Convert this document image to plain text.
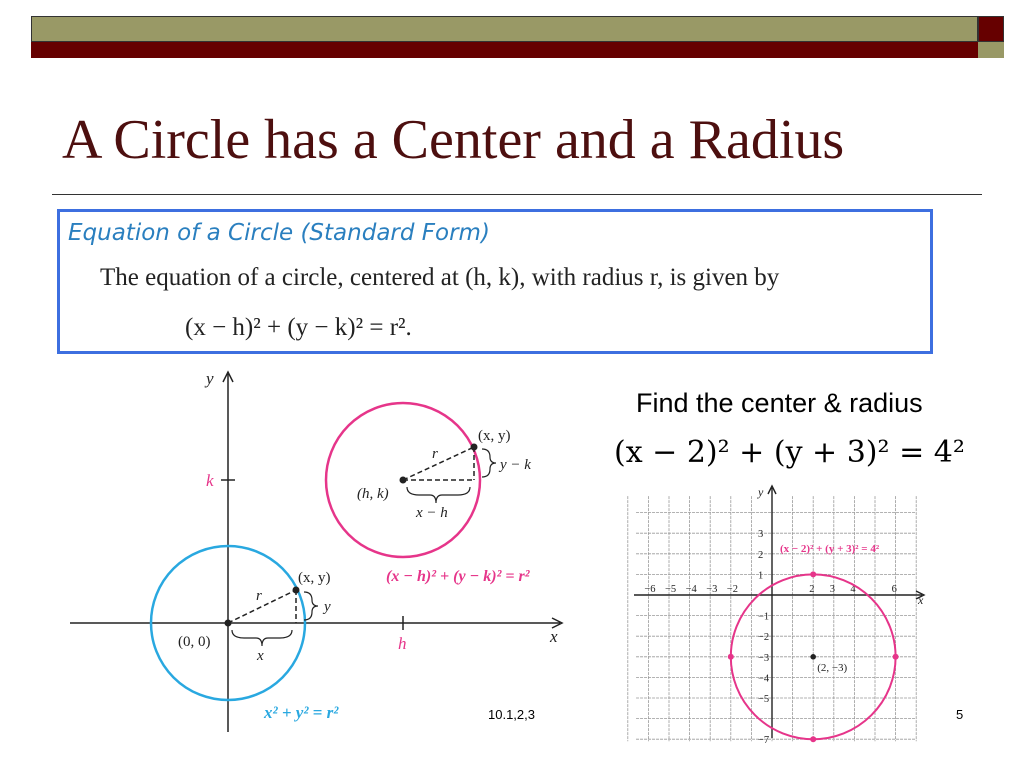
A Circle has a Center and a Radius
Equation of a Circle (Standard Form)
The equation of a circle, centered at (h, k), with radius r, is given by
(x − h)² + (y − k)² = r².
x
y
k
h
(0, 0)
(x, y)
r
x
y
x² + y² = r²
(x, y)
r
(h, k)
x − h
y − k
(x − h)² + (y − k)² = r²
Find the center & radius
(x − 2)² + (y + 3)² = 4²
x
y
−6 −5 −4 −3 −2	2 3 4	6
3
2
1
−1
−2
−3
−4
−5
−7
(2, −3)
(x − 2)² + (y + 3)² = 4²
10.1,2,3	5
